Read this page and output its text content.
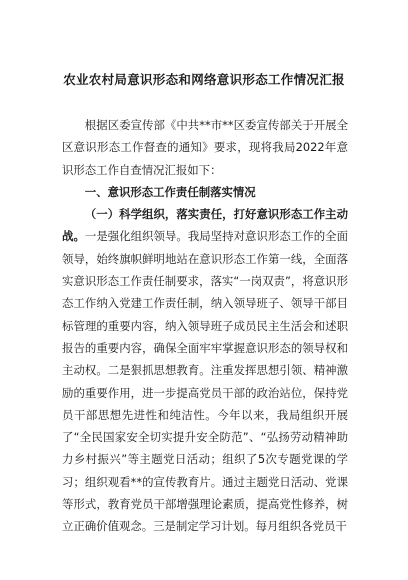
农业农村局意识形态和网络意识形态工作情况汇报

根据区委宣传部《中共**市**区委宣传部关于开展全区意识形态工作督查的通知》要求，现将我局2022年意识形态工作自查情况汇报如下：

一、意识形态工作责任制落实情况

（一）科学组织，落实责任，打好意识形态工作主动战。一是强化组织领导。我局坚持对意识形态工作的全面领导，始终旗帜鲜明地站在意识形态工作第一线，全面落实意识形态工作责任制要求，落实“一岗双责”，将意识形态工作纳入党建工作责任制，纳入领导班子、领导干部目标管理的重要内容，纳入领导班子成员民主生活会和述职报告的重要内容，确保全面牢牢掌握意识形态的领导权和主动权。二是狠抓思想教育。注重发挥思想引领、精神激励的重要作用，进一步提高党员干部的政治站位，保持党员干部思想先进性和纯洁性。今年以来，我局组织开展了“全民国家安全切实提升安全防范”、“弘扬劳动精神助力乡村振兴”等主题党日活动；组织了5次专题党课的学习；组织观看**的宣传教育片。通过主题党日活动、党课等形式，教育党员干部增强理论素质，提高党性修养，树立正确价值观念。三是制定学习计划。每月组织各党员干
